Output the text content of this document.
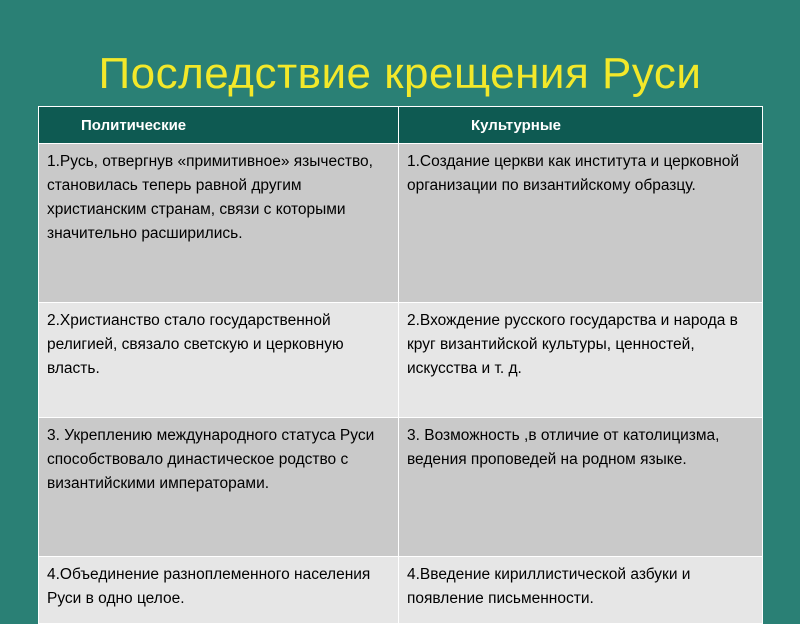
Последствие крещения Руси
Политические	Культурные
1.Русь, отвергнув «примитивное» язычество, становилась теперь равной другим христианским странам, связи с которыми значительно расширились.	1.Создание церкви как института и церковной организации по византийскому образцу.
2.Христианство стало государственной религией, связало светскую и церковную власть.	2.Вхождение русского государства и народа в круг византийской культуры, ценностей, искусства и т. д.
3. Укреплению международного статуса Руси способствовало династическое родство с византийскими императорами.	3. Возможность ,в отличие от католицизма, ведения проповедей на родном языке.
4.Объединение разноплеменного населения Руси в одно целое.	4.Введение кириллистической азбуки и появление письменности.
